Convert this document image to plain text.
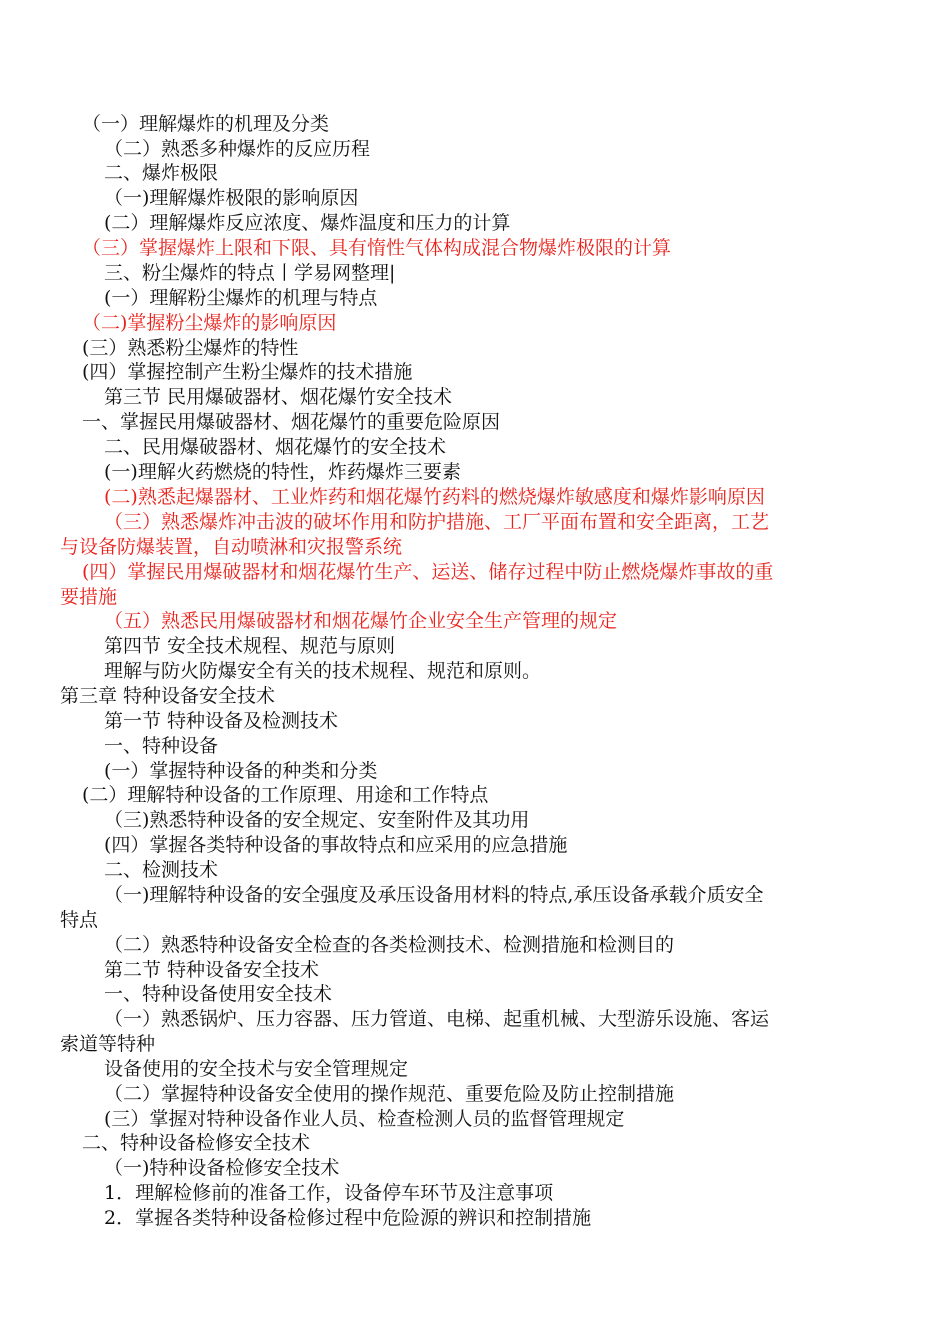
（一）理解爆炸的机理及分类
（二）熟悉多种爆炸的反应历程
二、爆炸极限
（一)理解爆炸极限的影响原因
(二）理解爆炸反应浓度、爆炸温度和压力的计算
（三）掌握爆炸上限和下限、具有惰性气体构成混合物爆炸极限的计算
三、粉尘爆炸的特点丨学易网整理|
(一）理解粉尘爆炸的机理与特点
（二)掌握粉尘爆炸的影响原因
(三）熟悉粉尘爆炸的特性
(四）掌握控制产生粉尘爆炸的技术措施
第三节 民用爆破器材、烟花爆竹安全技术
一、掌握民用爆破器材、烟花爆竹的重要危险原因
二、民用爆破器材、烟花爆竹的安全技术
(一)理解火药燃烧的特性，炸药爆炸三要素
(二)熟悉起爆器材、工业炸药和烟花爆竹药料的燃烧爆炸敏感度和爆炸影响原因
（三）熟悉爆炸冲击波的破坏作用和防护措施、工厂平面布置和安全距离，工艺
与设备防爆装置，自动喷淋和灾报警系统
(四）掌握民用爆破器材和烟花爆竹生产、运送、储存过程中防止燃烧爆炸事故的重
要措施
（五）熟悉民用爆破器材和烟花爆竹企业安全生产管理的规定
第四节 安全技术规程、规范与原则
理解与防火防爆安全有关的技术规程、规范和原则。
第三章 特种设备安全技术
第一节 特种设备及检测技术
一、特种设备
(一）掌握特种设备的种类和分类
(二）理解特种设备的工作原理、用途和工作特点
（三)熟悉特种设备的安全规定、安奎附件及其功用
(四）掌握各类特种设备的事故特点和应采用的应急措施
二、检测技术
（一)理解特种设备的安全强度及承压设备用材料的特点,承压设备承载介质安全
特点
（二）熟悉特种设备安全检查的各类检测技术、检测措施和检测目的
第二节 特种设备安全技术
一、特种设备使用安全技术
（一）熟悉锅炉、压力容器、压力管道、电梯、起重机械、大型游乐设施、客运
索道等特种
设备使用的安全技术与安全管理规定
（二）掌握特种设备安全使用的操作规范、重要危险及防止控制措施
(三）掌握对特种设备作业人员、检查检测人员的监督管理规定
二、特种设备检修安全技术
（一)特种设备检修安全技术
1．理解检修前的准备工作，设备停车环节及注意事项
2．掌握各类特种设备检修过程中危险源的辨识和控制措施
